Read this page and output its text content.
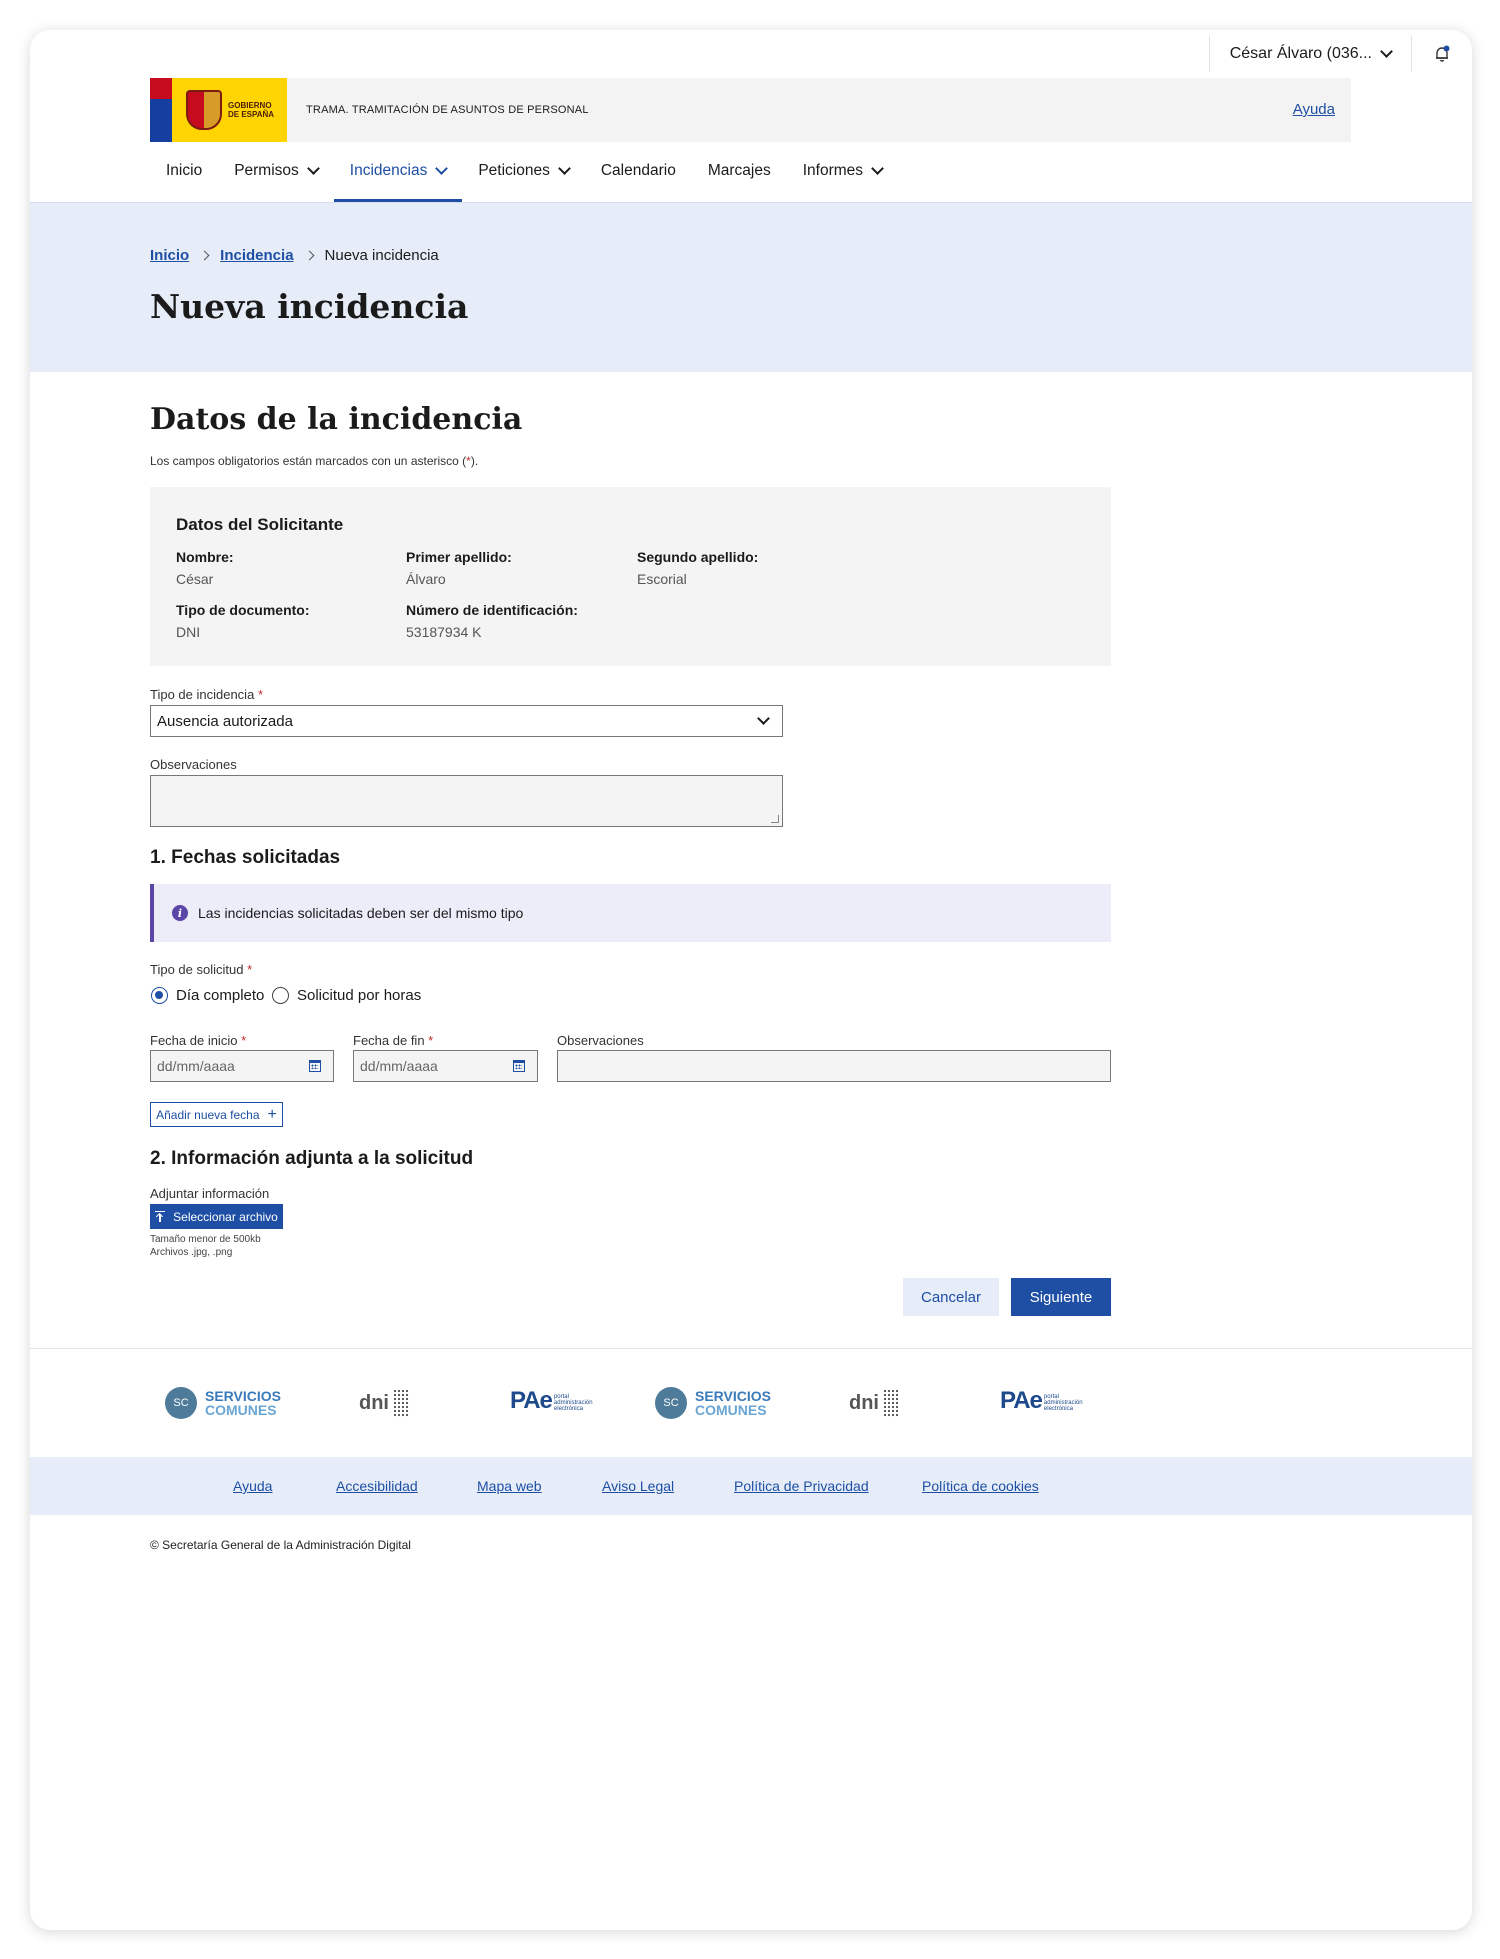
César Álvaro (036...
GOBIERNO
DE ESPAÑA	TRAMA. TRAMITACIÓN DE ASUNTOS DE PERSONAL	Ayuda
Inicio Permisos	Incidencias	Peticiones	Calendario Marcajes Informes
Inicio Incidencia Nueva incidencia
Nueva incidencia
Datos de la incidencia

Los campos obligatorios están marcados con un asterisco (*).

Datos del Solicitante
Nombre:
César
Primer apellido:
Álvaro
Segundo apellido:
Escorial
Tipo de documento:
DNI
Número de identificación:
53187934 K
Tipo de incidencia *
Ausencia autorizada
Observaciones
1. Fechas solicitadas
i	Las incidencias solicitadas deben ser del mismo tipo
Tipo de solicitud *
Día completo Solicitud por horas
Fecha de inicio *
dd/mm/aaaa
Fecha de fin *
dd/mm/aaaa
Observaciones
Añadir nueva fecha +
2. Información adjunta a la solicitud
Adjuntar información
Seleccionar archivo
Tamaño menor de 500kb
Archivos .jpg, .png
Cancelar	Siguiente
SC	SERVICIOS
COMUNES	dni	PAe portal administración electrónica	SC	SERVICIOS
COMUNES	dni	PAe portal administración electrónica
Ayuda	Accesibilidad	Mapa web	Aviso Legal	Política de Privacidad	Política de cookies
© Secretaría General de la Administración Digital
